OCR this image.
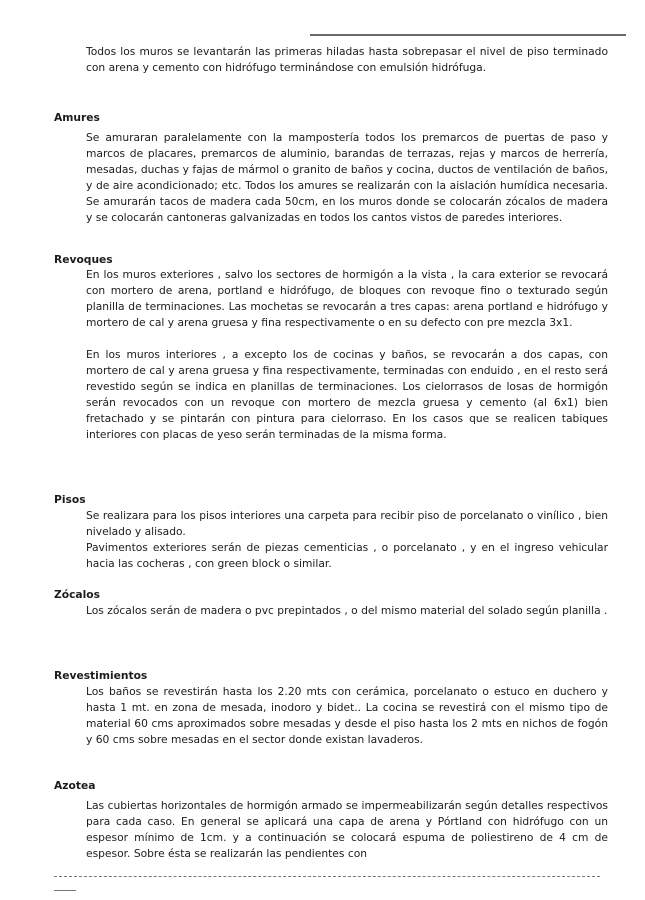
Todos los muros se levantarán las primeras hiladas hasta sobrepasar el nivel de piso terminado con arena y cemento con hidrófugo terminándose con emulsión hidrófuga.

Amures

Se amuraran paralelamente con la mampostería todos los premarcos de puertas de paso y marcos de placares, premarcos de aluminio, barandas de terrazas, rejas y marcos de herrería, mesadas, duchas y fajas de mármol o granito de baños y cocina, ductos de ventilación de baños, y de aire acondicionado; etc. Todos los amures se realizarán con la aislación humídica necesaria. Se amurarán tacos de madera cada 50cm, en los muros donde se colocarán zócalos de madera y se colocarán cantoneras galvanizadas en todos los cantos vistos de paredes interiores.

Revoques

En los muros exteriores , salvo los sectores de hormigón a la vista , la cara exterior se revocará con mortero de arena, portland e hidrófugo, de bloques con revoque fino o texturado según planilla de terminaciones. Las mochetas se revocarán a tres capas: arena portland e hidrófugo y mortero de cal y arena gruesa y fina respectivamente o en su defecto con pre mezcla 3x1.

En los muros interiores , a excepto los de cocinas y baños, se revocarán a dos capas, con mortero de cal y arena gruesa y fina respectivamente, terminadas con enduido , en el resto será revestido según se indica en planillas de terminaciones. Los cielorrasos de losas de hormigón serán revocados con un revoque con mortero de mezcla gruesa y cemento (al 6x1) bien fretachado y se pintarán con pintura para cielorraso. En los casos que se realicen tabiques interiores con placas de yeso serán terminadas de la misma forma.

Pisos

Se realizara para los pisos interiores una carpeta para recibir piso de porcelanato o vinílico , bien nivelado y alisado.

Pavimentos exteriores serán de piezas cementicias , o porcelanato , y en el ingreso vehicular hacia las cocheras , con green block o similar.

Zócalos

Los zócalos serán de madera o pvc prepintados , o del mismo material del solado según planilla .

Revestimientos

Los baños se revestirán hasta los 2.20 mts con cerámica, porcelanato o estuco en duchero y hasta 1 mt. en zona de mesada, inodoro y bidet.. La cocina se revestirá con el mismo tipo de material 60 cms aproximados sobre mesadas y desde el piso hasta los 2 mts en nichos de fogón y 60 cms sobre mesadas en el sector donde existan lavaderos.

Azotea

Las cubiertas horizontales de hormigón armado se impermeabilizarán según detalles respectivos para cada caso. En general se aplicará una capa de arena y Pórtland con hidrófugo con un espesor mínimo de 1cm. y a continuación se colocará espuma de poliestireno de 4 cm de espesor. Sobre ésta se realizarán las pendientes con
